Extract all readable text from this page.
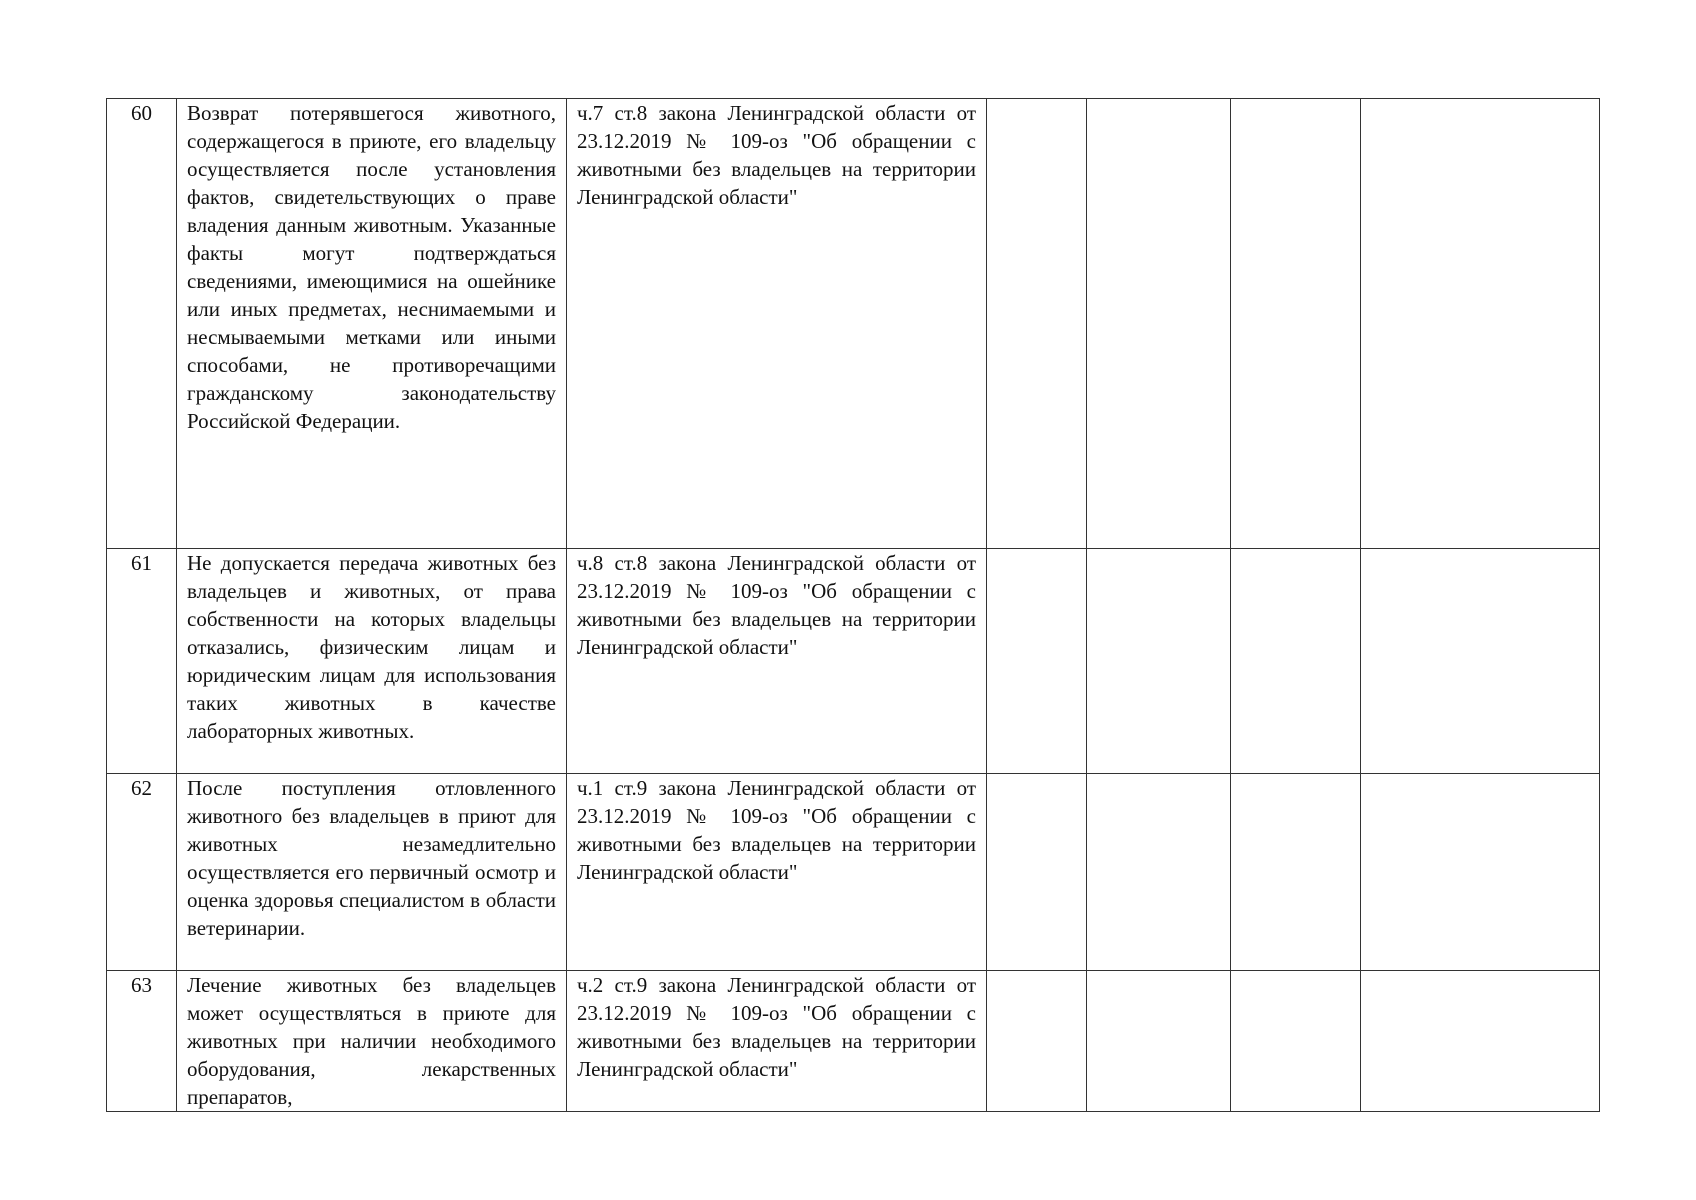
60	Возврат потерявшегося животного, содержащегося в приюте, его владельцу осуществляется после установления фактов, свидетельствующих о праве владения данным животным. Указанные факты могут подтверждаться сведениями, имеющимися на ошейнике или иных предметах, неснимаемыми и несмываемыми метками или иными способами, не противоречащими гражданскому законодательству Российской Федерации.	ч.7 ст.8 закона Ленинградской области от 23.12.2019 № 109-оз "Об обращении с животными без владельцев на территории Ленинградской области"				
61	Не допускается передача животных без владельцев и животных, от права собственности на которых владельцы отказались, физическим лицам и юридическим лицам для использования таких животных в качестве лабораторных животных.	ч.8 ст.8 закона Ленинградской области от 23.12.2019 № 109-оз "Об обращении с животными без владельцев на территории Ленинградской области"				
62	После поступления отловленного животного без владельцев в приют для животных незамедлительно осуществляется его первичный осмотр и оценка здоровья специалистом в области ветеринарии.	ч.1 ст.9 закона Ленинградской области от 23.12.2019 № 109-оз "Об обращении с животными без владельцев на территории Ленинградской области"				
63	Лечение животных без владельцев может осуществляться в приюте для животных при наличии необходимого оборудования, лекарственных препаратов,	ч.2 ст.9 закона Ленинградской области от 23.12.2019 № 109-оз "Об обращении с животными без владельцев на территории Ленинградской области"				
